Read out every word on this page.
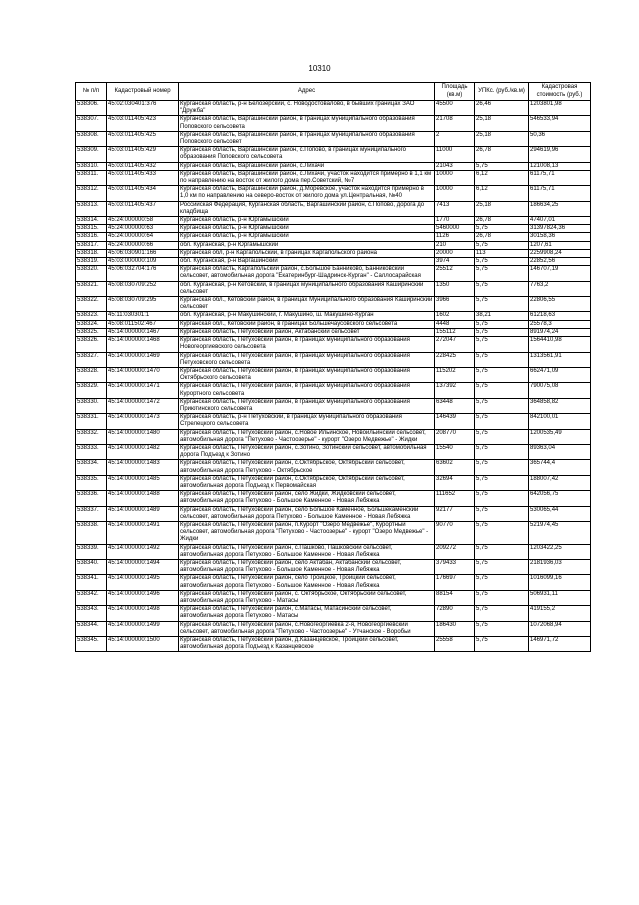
10310
№ п/п	Кадастровый номер	Адрес	Площадь (кв.м)	УПКс. (руб./кв.м)	Кадастровая стоимость (руб.)
538306.	45:02:030401:376	Курганская область, р-н Белозерский, с. Новодостовалово, в бывших границах ЗАО "Дружба"	45500	26,46	1203801,98
538307.	45:03:011405:423	Курганская область, Варгашинский район, в границах муниципального образования Поповского сельсовета	21708	25,18	546533,94
538308.	45:03:011405:425	Курганская область, Варгашинский район, в границах муниципального образования Поповского сельсовет	2	25,18	50,36
538309.	45:03:011405:429	Курганская область, Варгашинский район, с.Попово, в границах муниципального образования Поповского сельсовета	11000	26,78	294619,96
538310.	45:03:011405:432	Курганская область, Варгашинский район, с.Лихачи	21043	5,75	121008,13
538311.	45:03:011405:433	Курганская область, Варгашинский район, с.Лихачи, участок находится примерно в 1,1 км по направлению на восток от жилого дома пер.Советский, №7	10000	6,12	61175,71
538312.	45:03:011405:434	Курганская область, Варгашинский район, д.Моревское, участок находится примерно в 1,0 км по направлению на северо-восток от жилого дома ул.Центральная, №40	10000	6,12	61175,71
538313.	45:03:011405:437	Российская Федерация, Курганская область, Варгашинский район, с.Попово, дорога до кладбища	7413	25,18	186634,25
538314.	45:24:000000:58	Курганская область, р-н Юргамышский	1770	26,78	47407,01
538315.	45:24:000000:63	Курганская область, р-н Юргамышский	5460000	5,75	31397824,36
538316.	45:24:000000:64	Курганская область, р-н Юргамышский	1126	26,78	30158,36
538317.	45:24:000000:66	обл. Курганская, р-н Юргамышский	210	5,75	1207,61
538318.	45:06:030901:166	Курганская обл, р-н Каргапольский, в границах Каргапольского района	20000	113	2259908,24
538319.	45:03:000000:109	обл. Курганская, р-н Варгашинский	3974	5,75	22852,56
538320.	45:06:032704:176	Курганская область, Каргапольский район, с.Большое Банниково, Банниковский сельсовет, автомобильная дорога "Екатеринбург-Шадринск-Курган" - Саллосарайская	25512	5,75	146707,19
538321.	45:08:030709:252	обл. Курганская, р-н Кетовский, в границах муниципального образования Каширинский сельсовет	1350	5,75	7763,2
538322.	45:08:030709:295	Курганская обл., Кетовский район, в границах Муниципального образования Каширинский сельсовет	3966	5,75	22806,55
538323.	45:11:030301:1	обл. Курганская, р-н Макушинский, г. Макушино, ш. Макушино-Курган	1602	38,21	61218,63
538324.	45:08:011502:467	Курганская обл., Кетовский район, в границах Большечаусовского сельсовета	4448	5,75	25578,3
538325.	45:14:000000:1467	Курганская область, Петуховский район, Актабанский сельсовет	155112	5,75	891974,24
538326.	45:14:000000:1468	Курганская область, Петуховский район, в границах муниципального образования Новогеоргиевского сельсовета	272047	5,75	1564410,98
538327.	45:14:000000:1469	Курганская область, Петуховский район, в границах муниципального образования Петуховского сельсовета	228425	5,75	1313561,91
538328.	45:14:000000:1470	Курганская область, Петуховский район, в границах муниципального образования Октябрьского сельсовета	115202	5,75	662471,09
538329.	45:14:000000:1471	Курганская область, Петуховский район, в границах муниципального образования Курортного сельсовета	137392	5,75	790075,08
538330.	45:14:000000:1472	Курганская область, Петуховский район, в границах муниципального образования Приютинского сельсовета	63448	5,75	364858,82
538331.	45:14:000000:1473	Курганская область, р-н Петуховский, в границах муниципального образования Стрелецкого сельсовета	146439	5,75	842100,01
538332.	45:14:000000:1480	Курганская область, Петуховский район, с.Новое Ильинское, Новоильинский сельсовет, автомобильная дорога "Петухово - Частоозерье" - курорт "Озеро Медвежье" - Жидки	208770	5,75	1200535,49
538333.	45:14:000000:1482	Курганская область, Петуховский район, с.Зотино, Зотинский сельсовет, автомобильная дорога Подъезд к Зотино	15540	5,75	89363,04
538334.	45:14:000000:1483	Курганская область, Петуховский район, с.Октябрьское, Октябрьский сельсовет, автомобильная дорога Петухово - Октябрьское	63602	5,75	365744,4
538335.	45:14:000000:1485	Курганская область, Петуховский район, с.Октябрьское, Октябрьский сельсовет, автомобильная дорога Подъезд к Первомайская	32694	5,75	188007,42
538336.	45:14:000000:1488	Курганская область, Петуховский район, село Жидки, Жидковский сельсовет, автомобильная дорога Петухово - Большое Каменное - Новая Лебяжка	111652	5,75	642056,75
538337.	45:14:000000:1489	Курганская область, Петуховский район, село Большое Каменное, Большекаменский сельсовет, автомобильная дорога Петухово - Большое Каменное - Новая Лебяжка	92177	5,75	530065,44
538338.	45:14:000000:1491	Курганская область, Петуховский район, п.Курорт "Озеро Медвежье", Курортный сельсовет, автомобильная дорога "Петухово - Частоозерье" - курорт "Озеро Медвежье" - Жидки	90770	5,75	521974,45
538339.	45:14:000000:1492	Курганская область, Петуховский район, с.Пашково, Пашковский сельсовет, автомобильная дорога Петухово - Большое Каменное - Новая Лебяжка	209272	5,75	1203422,25
538340.	45:14:000000:1494	Курганская область, Петуховский район, село Актабан, Актабанский сельсовет, автомобильная дорога Петухово - Большое Каменное - Новая Лебяжка	379433	5,75	2181936,03
538341.	45:14:000000:1495	Курганская область, Петуховский район, село Троицкое, Троицкий сельсовет, автомобильная дорога Петухово - Большое Каменное - Новая Лебяжка	176697	5,75	1016099,16
538342.	45:14:000000:1496	Курганская область, Петуховский район, с. Октябрьское, Октябрьский сельсовет, автомобильная дорога Петухово - Матасы	88154	5,75	506931,11
538343.	45:14:000000:1498	Курганская область, Петуховский район, с.Матасы, Матасинский сельсовет, автомобильная дорога Петухово - Матасы	72890	5,75	419155,2
538344.	45:14:000000:1499	Курганская область, Петуховский район, с.Новогеоргиевка 2-я, Новогеоргиевский сельсовет, автомобильная дорога "Петухово - Частоозерье" - Утчанское - Воробьи	186430	5,75	1072068,94
538345.	45:14:000000:1500	Курганская область, Петуховский район, д.Казанцевское, Троицкий сельсовет, автомобильная дорога Подъезд к Казанцевское	25558	5,75	146971,72
